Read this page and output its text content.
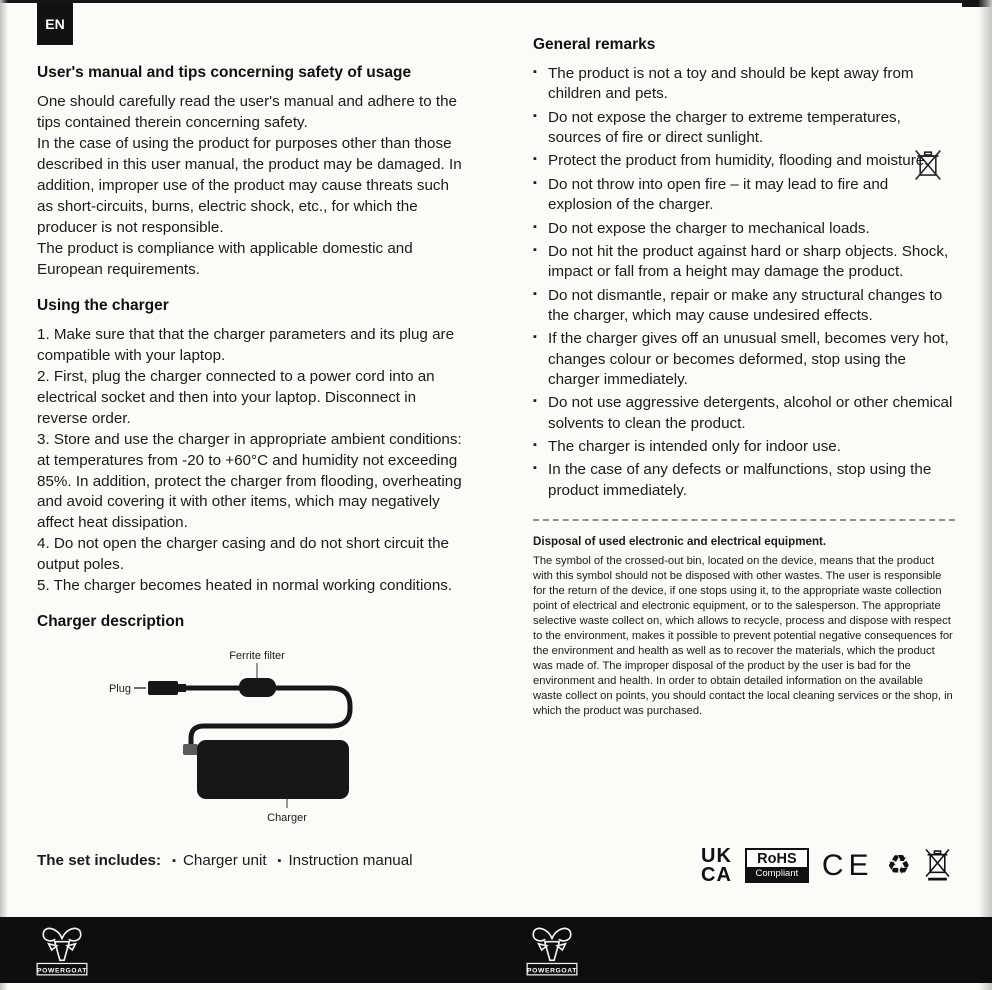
EN
User's manual and tips concerning safety of usage
One should carefully read the user's manual and adhere to the tips contained therein concerning safety.
In the case of using the product for purposes other than those described in this user manual, the product may be damaged. In addition, improper use of the product may cause threats such as short-circuits, burns, electric shock, etc., for which the producer is not responsible.
The product is compliance with applicable domestic and European requirements.
Using the charger

1. Make sure that that the charger parameters and its plug are compatible with your laptop.

2. First, plug the charger connected to a power cord into an electrical socket and then into your laptop. Disconnect in reverse order.

3. Store and use the charger in appropriate ambient conditions: at temperatures from -20 to +60°C and humidity not exceeding 85%. In addition, protect the charger from flooding, overheating and avoid covering it with other items, which may negatively affect heat dissipation.

4. Do not open the charger casing and do not short circuit the output poles.

5. The charger becomes heated in normal working conditions.

Charger description
Ferrite filter
Plug
Charger
The set includes: ▪ Charger unit ▪ Instruction manual
General remarks
▪ The product is not a toy and should be kept away from children and pets.
▪ Do not expose the charger to extreme temperatures, sources of fire or direct sunlight.
▪ Protect the product from humidity, flooding and moisture.
▪ Do not throw into open fire – it may lead to fire and explosion of the charger.
▪ Do not expose the charger to mechanical loads.
▪ Do not hit the product against hard or sharp objects. Shock, impact or fall from a height may damage the product.
▪ Do not dismantle, repair or make any structural changes to the charger, which may cause undesired effects.
▪ If the charger gives off an unusual smell, becomes very hot, changes colour or becomes deformed, stop using the charger immediately.
▪ Do not use aggressive detergents, alcohol or other chemical solvents to clean the product.
▪ The charger is intended only for indoor use.
▪ In the case of any defects or malfunctions, stop using the product immediately.
Disposal of used electronic and electrical equipment.
The symbol of the crossed-out bin, located on the device, means that the product with this symbol should not be disposed with other wastes. The user is responsible for the return of the device, if one stops using it, to the appropriate waste collection point of electrical and electronic equipment, or to the salesperson. The appropriate selective waste collect on, which allows to recycle, process and dispose with respect to the environment, makes it possible to prevent potential negative consequences for the environment and health as well as to recover the materials, which the product was made of. The improper disposal of the product by the user is bad for the environment and health. In order to obtain detailed information on the available waste collect on points, you should contact the local cleaning services or the shop, in which the product was purchased.
UK
CA
RoHS
Compliant CE ♻
POWERGOAT	POWERGOAT
